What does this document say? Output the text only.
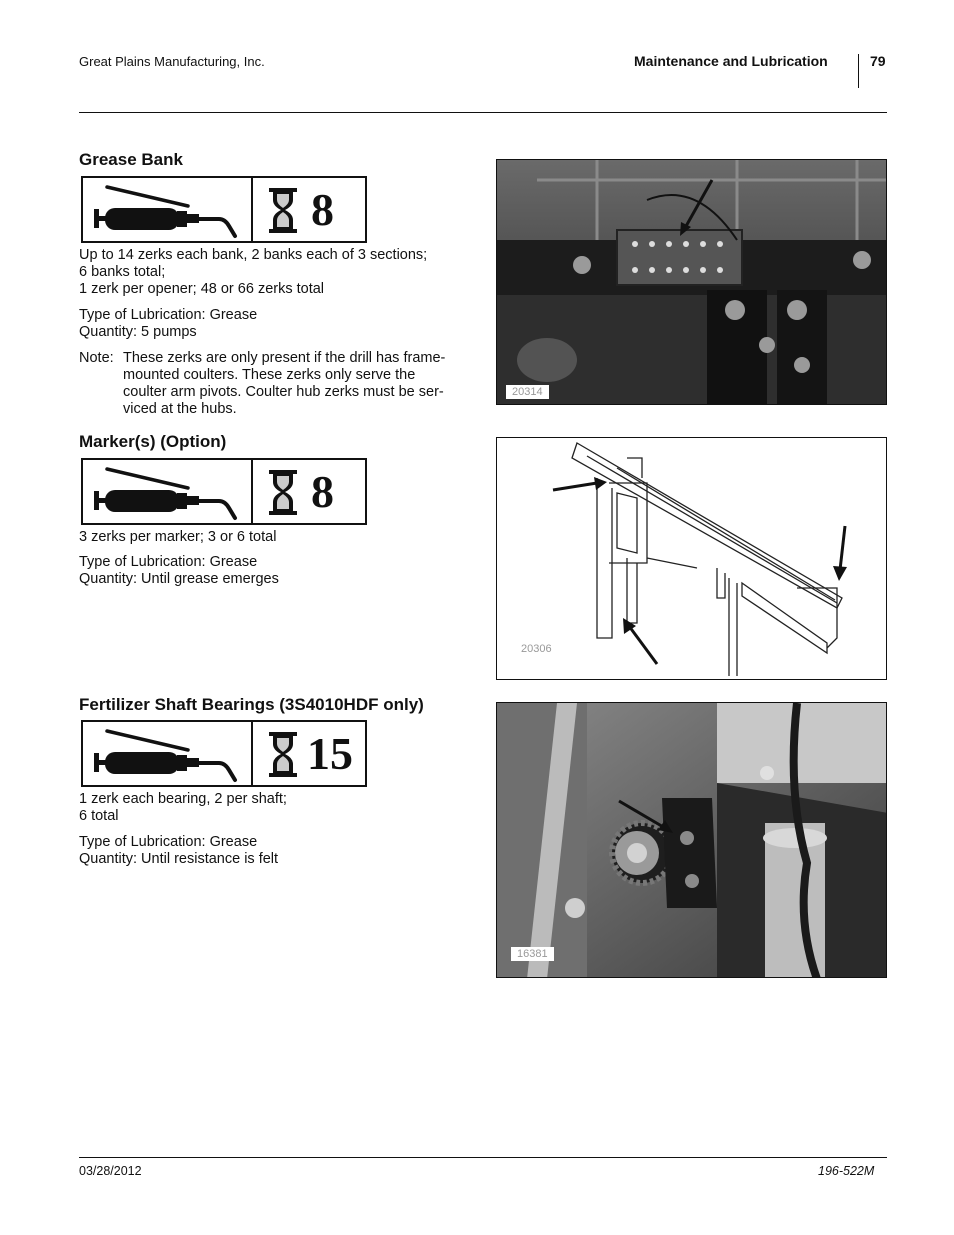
Great Plains Manufacturing, Inc.	Maintenance and Lubrication	79
Grease Bank
8

Up to 14 zerks each bank, 2 banks each of 3 sections;

6 banks total;

1 zerk per opener; 48 or 66 zerks total

Type of Lubrication: Grease

Quantity: 5 pumps

Note: These zerks are only present if the drill has frame-
mounted coulters. These zerks only serve the
coulter arm pivots. Coulter hub zerks must be ser-
viced at the hubs.
20314
Marker(s) (Option)
8

3 zerks per marker; 3 or 6 total

Type of Lubrication: Grease

Quantity: Until grease emerges

20306
Fertilizer Shaft Bearings (3S4010HDF only)
15

1 zerk each bearing, 2 per shaft;

6 total

Type of Lubrication: Grease

Quantity: Until resistance is felt

16381
03/28/2012	196-522M
